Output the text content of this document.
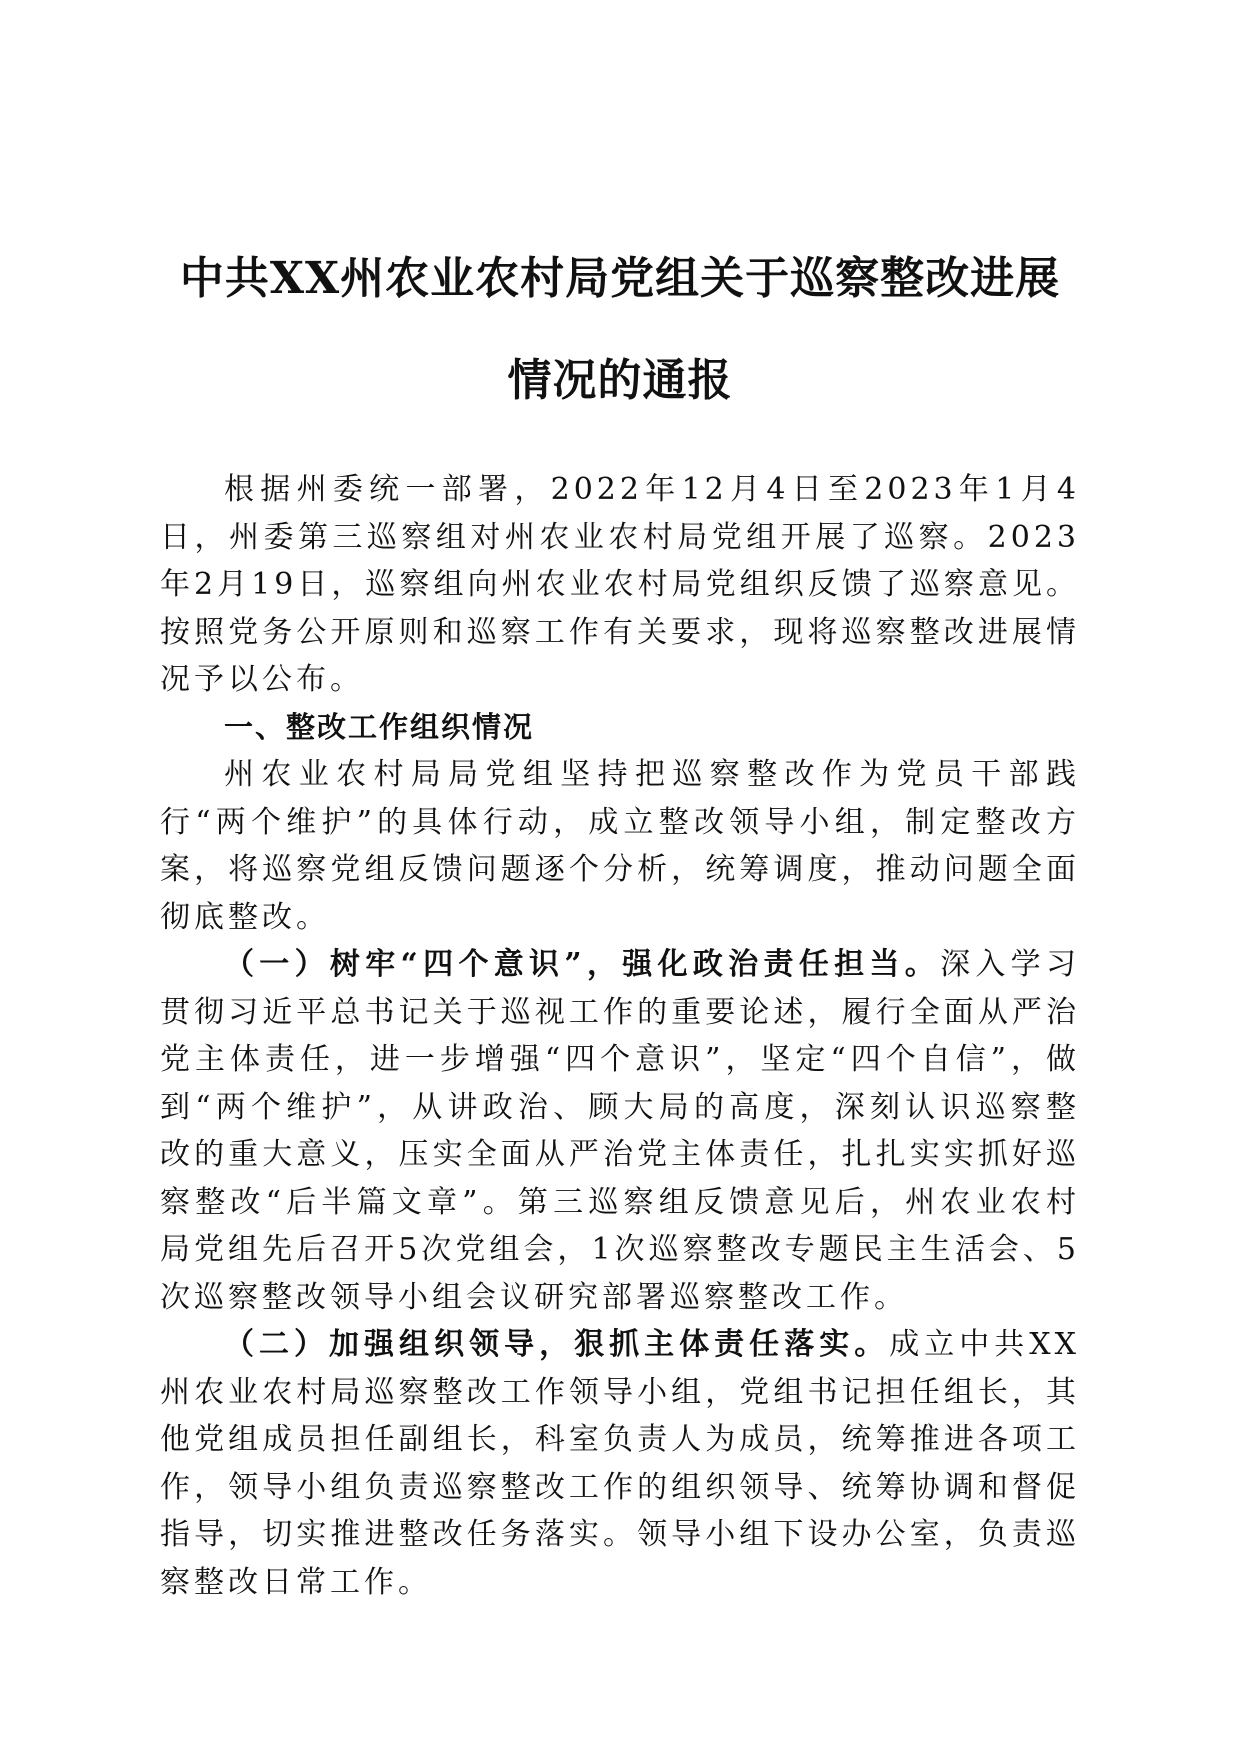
中共XX州农业农村局党组关于巡察整改进展
情况的通报

根据州委统一部署，2022年12月4日至2023年1月4日，州委第三巡察组对州农业农村局党组开展了巡察。2023年2月19日，巡察组向州农业农村局党组织反馈了巡察意见。按照党务公开原则和巡察工作有关要求，现将巡察整改进展情况予以公布。

一、整改工作组织情况

州农业农村局局党组坚持把巡察整改作为党员干部践行“两个维护”的具体行动，成立整改领导小组，制定整改方案，将巡察党组反馈问题逐个分析，统筹调度，推动问题全面彻底整改。

（一）树牢“四个意识”，强化政治责任担当。深入学习贯彻习近平总书记关于巡视工作的重要论述，履行全面从严治党主体责任，进一步增强“四个意识”，坚定“四个自信”，做到“两个维护”，从讲政治、顾大局的高度，深刻认识巡察整改的重大意义，压实全面从严治党主体责任，扎扎实实抓好巡察整改“后半篇文章”。第三巡察组反馈意见后，州农业农村局党组先后召开5次党组会，1次巡察整改专题民主生活会、5次巡察整改领导小组会议研究部署巡察整改工作。

（二）加强组织领导，狠抓主体责任落实。成立中共XX州农业农村局巡察整改工作领导小组，党组书记担任组长，其他党组成员担任副组长，科室负责人为成员，统筹推进各项工作，领导小组负责巡察整改工作的组织领导、统筹协调和督促指导，切实推进整改任务落实。领导小组下设办公室，负责巡察整改日常工作。
